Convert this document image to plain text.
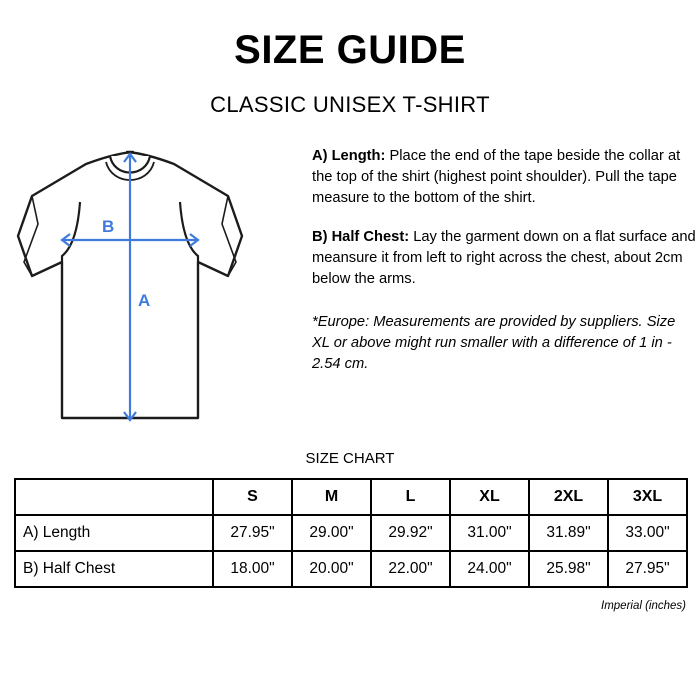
SIZE GUIDE
CLASSIC UNISEX T-SHIRT
A
B

A) Length: Place the end of the tape beside the collar at the top of the shirt (highest point shoulder). Pull the tape measure to the bottom of the shirt.

B) Half Chest: Lay the garment down on a flat surface and meansure it from left to right across the chest, about 2cm below the arms.

*Europe: Measurements are provided by suppliers. Size XL or above might run smaller with a difference of 1 in - 2.54 cm.

SIZE CHART
	S	M	L	XL	2XL	3XL
A) Length	27.95"	29.00"	29.92"	31.00"	31.89"	33.00"
B) Half Chest	18.00"	20.00"	22.00"	24.00"	25.98"	27.95"
Imperial (inches)
